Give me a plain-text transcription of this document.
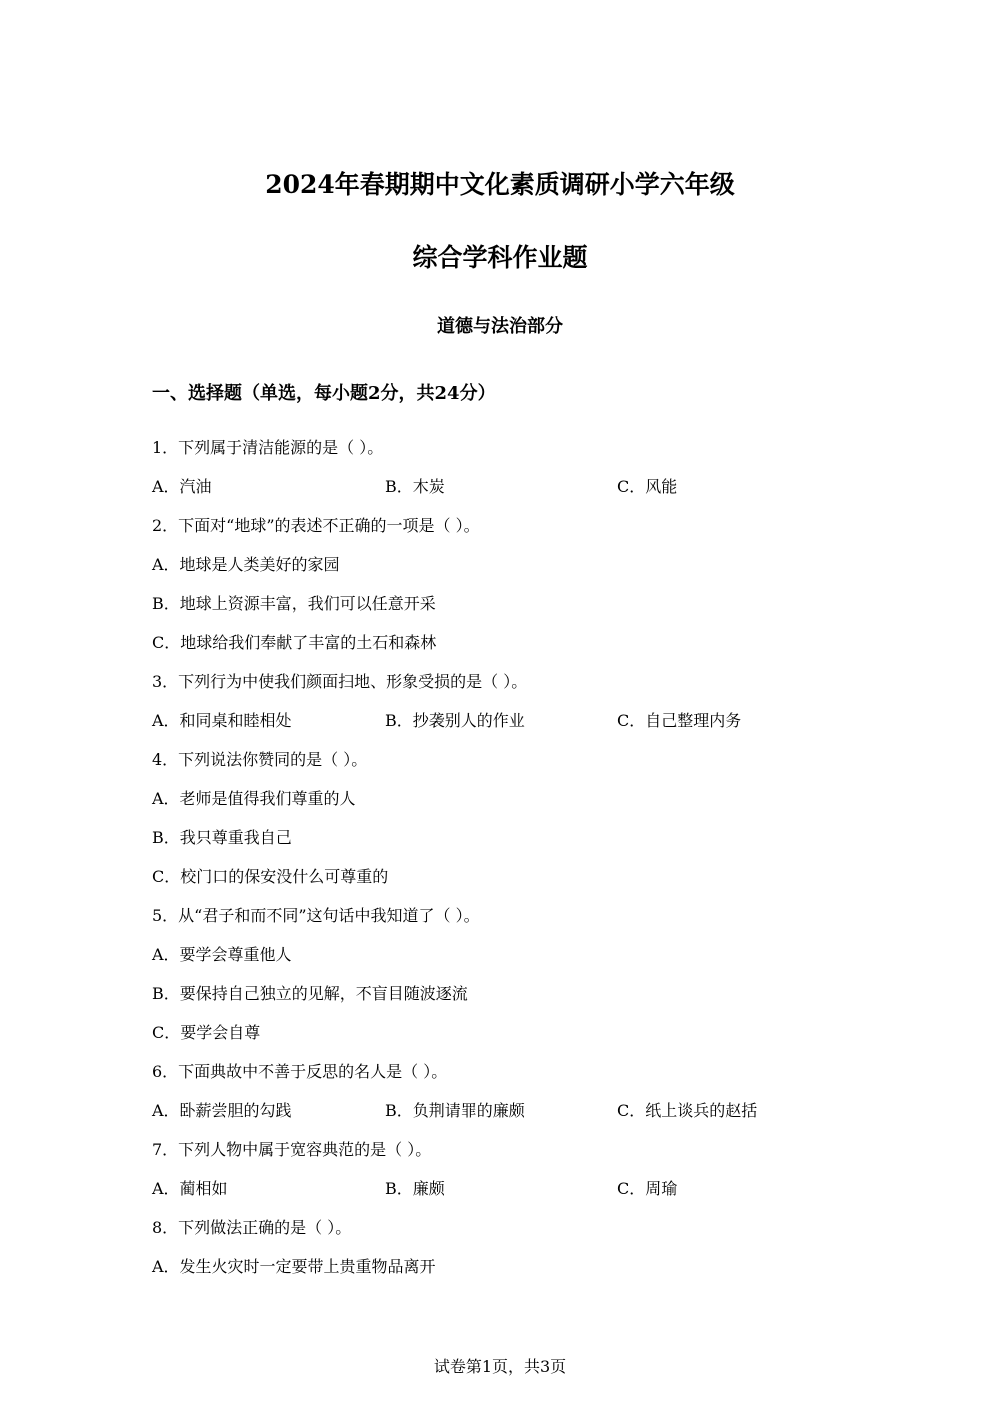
2024年春期期中文化素质调研小学六年级
综合学科作业题
道德与法治部分
一、选择题（单选，每小题2分，共24分）
1．下列属于清洁能源的是（ ）。
A．汽油	B．木炭	C．风能
2．下面对“地球”的表述不正确的一项是（ ）。
A．地球是人类美好的家园
B．地球上资源丰富，我们可以任意开采
C．地球给我们奉献了丰富的土石和森林
3．下列行为中使我们颜面扫地、形象受损的是（ ）。
A．和同桌和睦相处	B．抄袭别人的作业	C．自己整理内务
4．下列说法你赞同的是（ ）。
A．老师是值得我们尊重的人
B．我只尊重我自己
C．校门口的保安没什么可尊重的
5．从“君子和而不同”这句话中我知道了（ ）。
A．要学会尊重他人
B．要保持自己独立的见解，不盲目随波逐流
C．要学会自尊
6．下面典故中不善于反思的名人是（ ）。
A．卧薪尝胆的勾践	B．负荆请罪的廉颇	C．纸上谈兵的赵括
7．下列人物中属于宽容典范的是（ ）。
A．蔺相如	B．廉颇	C．周瑜
8．下列做法正确的是（ ）。
A．发生火灾时一定要带上贵重物品离开
试卷第1页，共3页
